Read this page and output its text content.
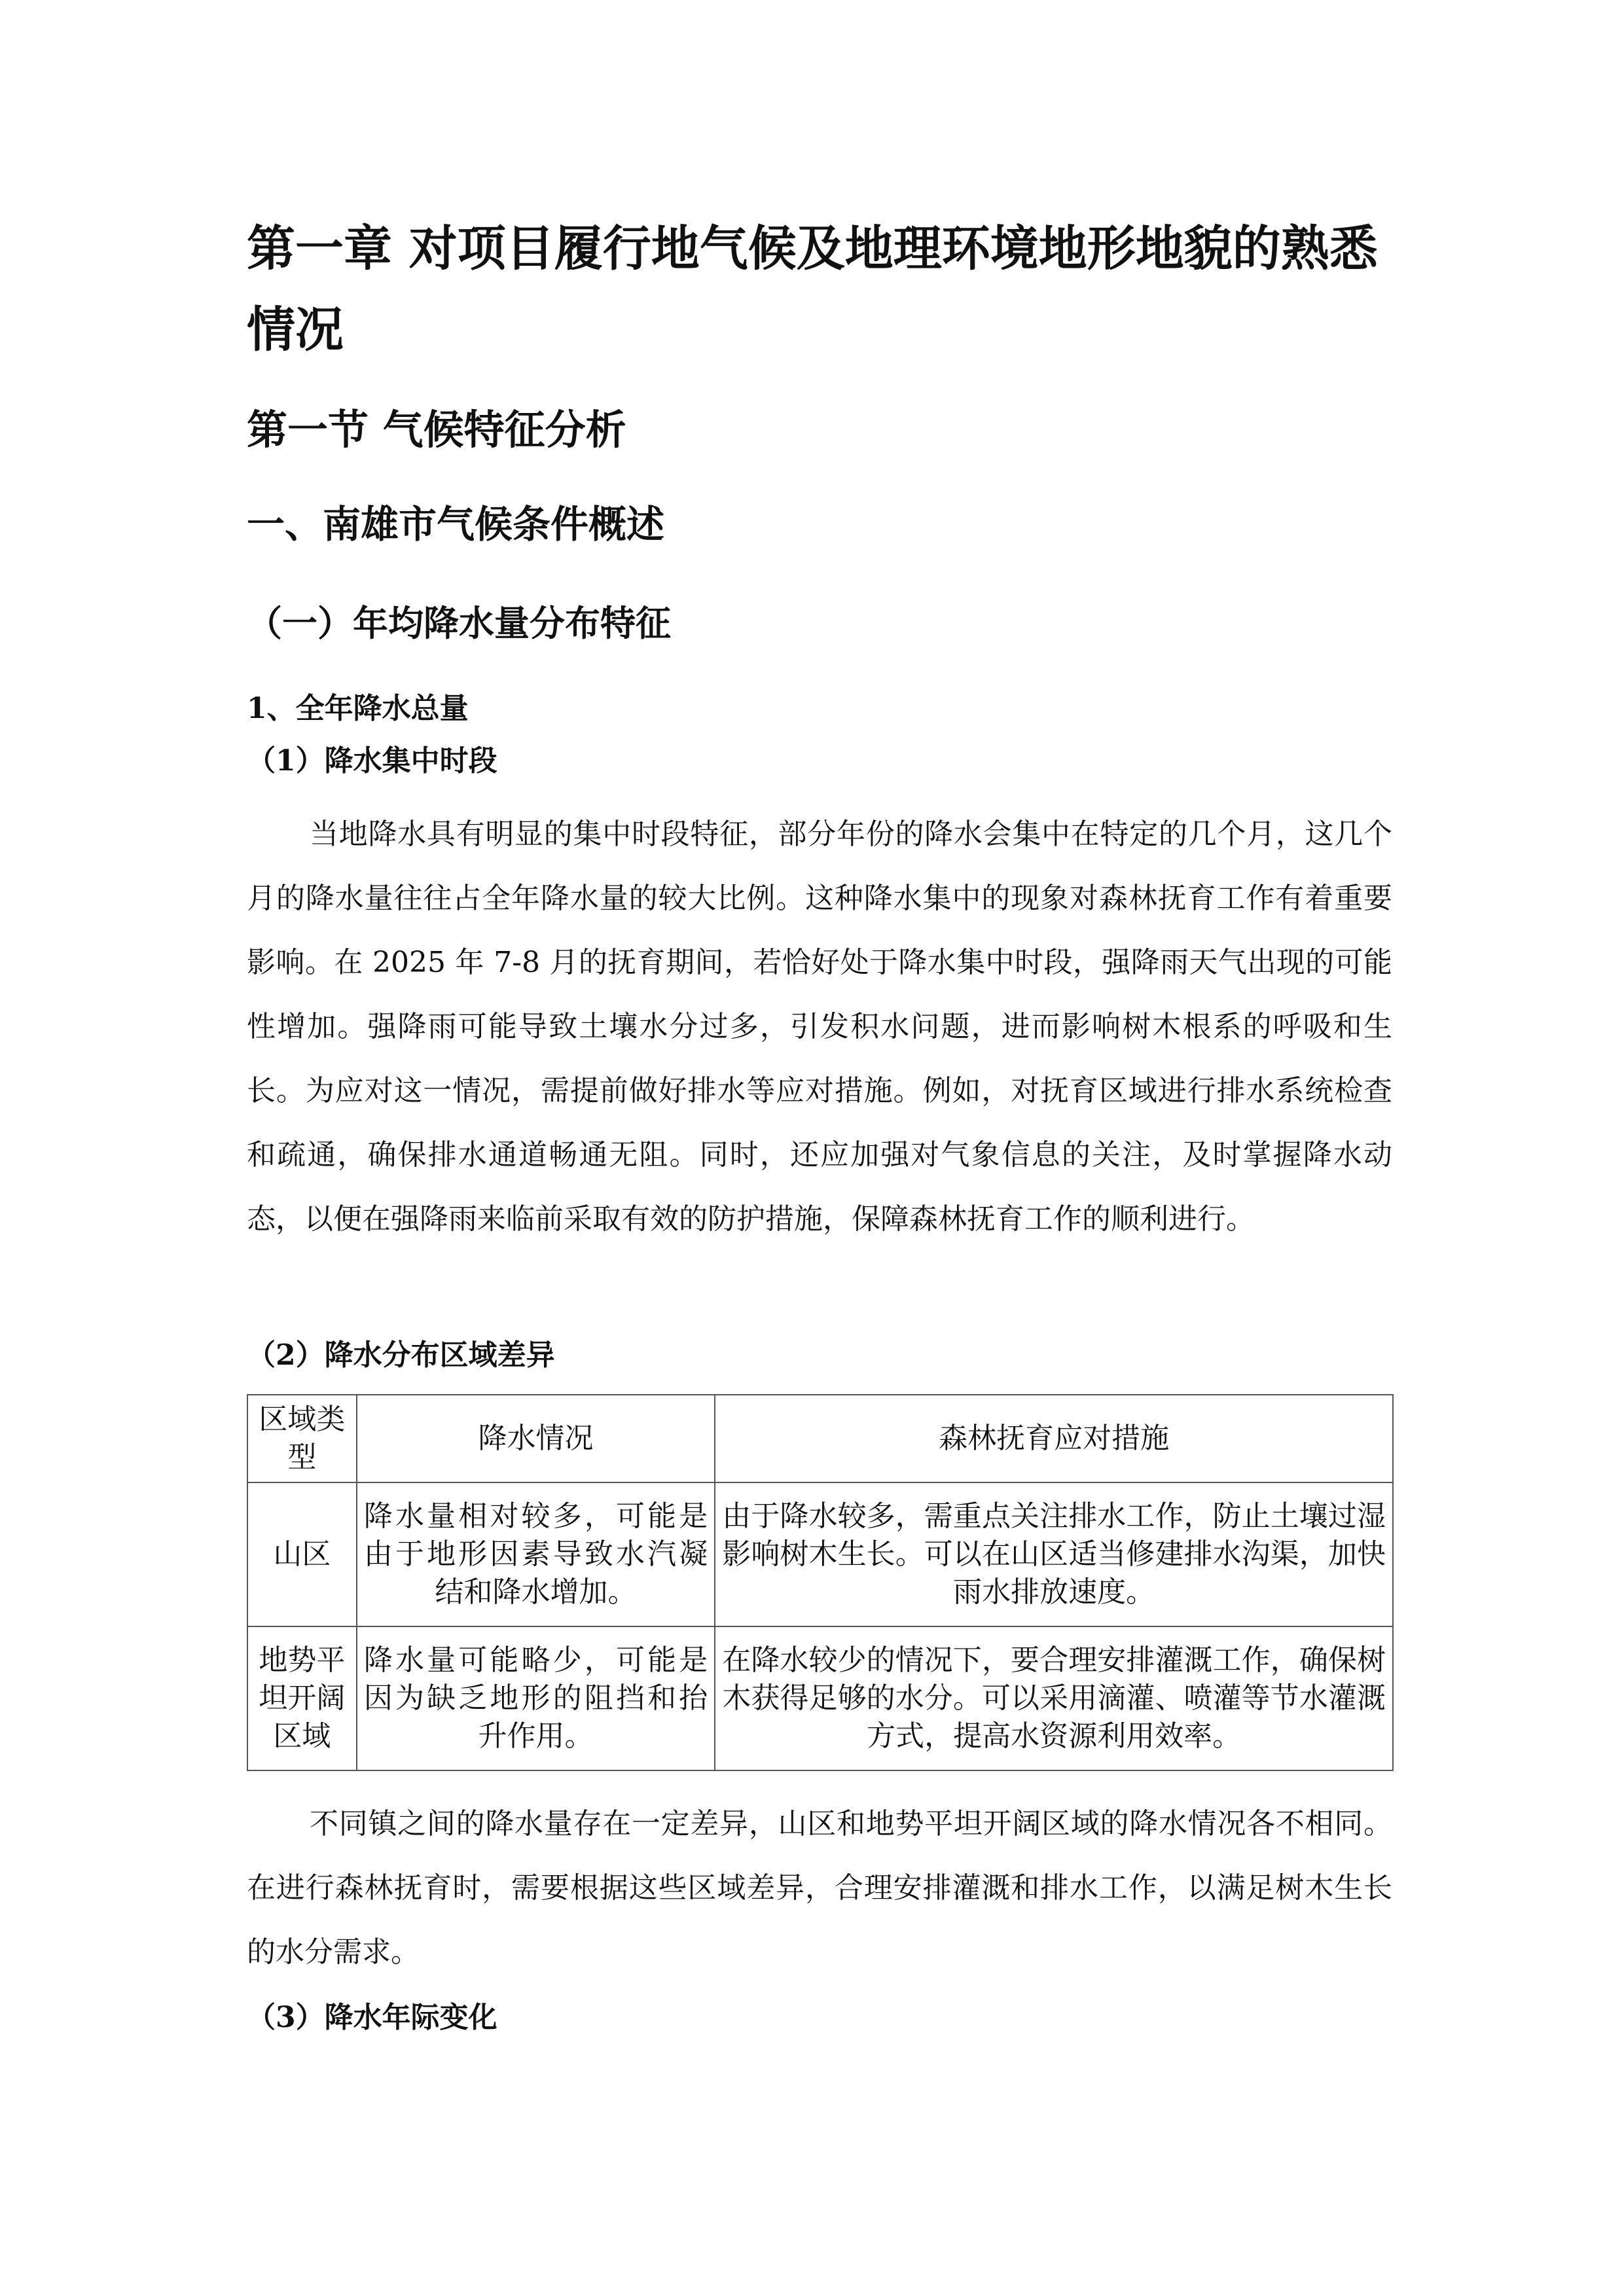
第一章 对项目履行地气候及地理环境地形地貌的熟悉情况
第一节 气候特征分析
一、南雄市气候条件概述
（一）年均降水量分布特征
1、全年降水总量
（1）降水集中时段

当地降水具有明显的集中时段特征，部分年份的降水会集中在特定的几个月，这几个月的降水量往往占全年降水量的较大比例。这种降水集中的现象对森林抚育工作有着重要影响。在 2025 年 7-8 月的抚育期间，若恰好处于降水集中时段，强降雨天气出现的可能性增加。强降雨可能导致土壤水分过多，引发积水问题，进而影响树木根系的呼吸和生长。为应对这一情况，需提前做好排水等应对措施。例如，对抚育区域进行排水系统检查和疏通，确保排水通道畅通无阻。同时，还应加强对气象信息的关注，及时掌握降水动态，以便在强降雨来临前采取有效的防护措施，保障森林抚育工作的顺利进行。

（2）降水分布区域差异
区域类型	降水情况	森林抚育应对措施
山区	降水量相对较多，可能是由于地形因素导致水汽凝结和降水增加。	由于降水较多，需重点关注排水工作，防止土壤过湿影响树木生长。可以在山区适当修建排水沟渠，加快雨水排放速度。
地势平坦开阔区域	降水量可能略少，可能是因为缺乏地形的阻挡和抬升作用。	在降水较少的情况下，要合理安排灌溉工作，确保树木获得足够的水分。可以采用滴灌、喷灌等节水灌溉方式，提高水资源利用效率。

不同镇之间的降水量存在一定差异，山区和地势平坦开阔区域的降水情况各不相同。在进行森林抚育时，需要根据这些区域差异，合理安排灌溉和排水工作，以满足树木生长的水分需求。

（3）降水年际变化
